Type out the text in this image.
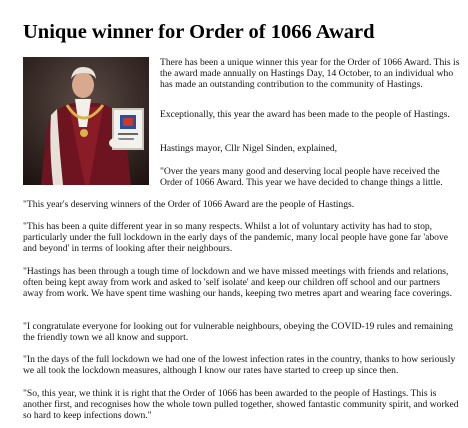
Unique winner for Order of 1066 Award

There has been a unique winner this year for the Order of 1066 Award. This is the award made annually on Hastings Day, 14 October, to an individual who has made an outstanding contribution to the community of Hastings.

Exceptionally, this year the award has been made to the people of Hastings.

Hastings mayor, Cllr Nigel Sinden, explained,

"Over the years many good and deserving local people have received the Order of 1066 Award. This year we have decided to change things a little.

"This year's deserving winners of the Order of 1066 Award are the people of Hastings.

"This has been a quite different year in so many respects. Whilst a lot of voluntary activity has had to stop, particularly under the full lockdown in the early days of the pandemic, many local people have gone far 'above and beyond' in terms of looking after their neighbours.

"Hastings has been through a tough time of lockdown and we have missed meetings with friends and relations, often being kept away from work and asked to 'self isolate' and keep our children off school and our partners away from work. We have spent time washing our hands, keeping two metres apart and wearing face coverings.

"I congratulate everyone for looking out for vulnerable neighbours, obeying the COVID-19 rules and remaining the friendly town we all know and support.

"In the days of the full lockdown we had one of the lowest infection rates in the country, thanks to how seriously we all took the lockdown measures, although I know our rates have started to creep up since then.

"So, this year, we think it is right that the Order of 1066 has been awarded to the people of Hastings. This is another first, and recognises how the whole town pulled together, showed fantastic community spirit, and worked so hard to keep infections down."
